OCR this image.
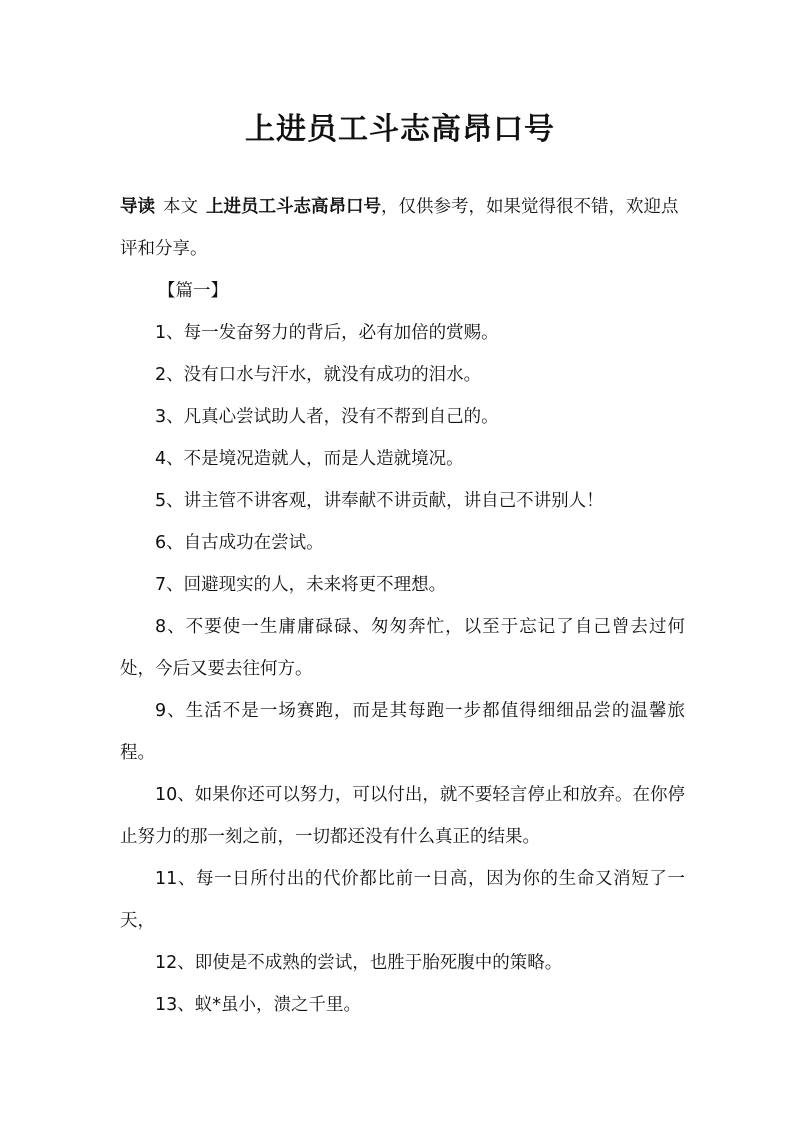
上进员工斗志高昂口号

导读 本文 上进员工斗志高昂口号，仅供参考，如果觉得很不错，欢迎点评和分享。

【篇一】

1、每一发奋努力的背后，必有加倍的赏赐。

2、没有口水与汗水，就没有成功的泪水。

3、凡真心尝试助人者，没有不帮到自己的。

4、不是境况造就人，而是人造就境况。

5、讲主管不讲客观，讲奉献不讲贡献，讲自己不讲别人！

6、自古成功在尝试。

7、回避现实的人，未来将更不理想。

8、不要使一生庸庸碌碌、匆匆奔忙，以至于忘记了自己曾去过何处，今后又要去往何方。

9、生活不是一场赛跑，而是其每跑一步都值得细细品尝的温馨旅程。

10、如果你还可以努力，可以付出，就不要轻言停止和放弃。在你停止努力的那一刻之前，一切都还没有什么真正的结果。

11、每一日所付出的代价都比前一日高，因为你的生命又消短了一天，

12、即使是不成熟的尝试，也胜于胎死腹中的策略。

13、蚁*虽小，溃之千里。
